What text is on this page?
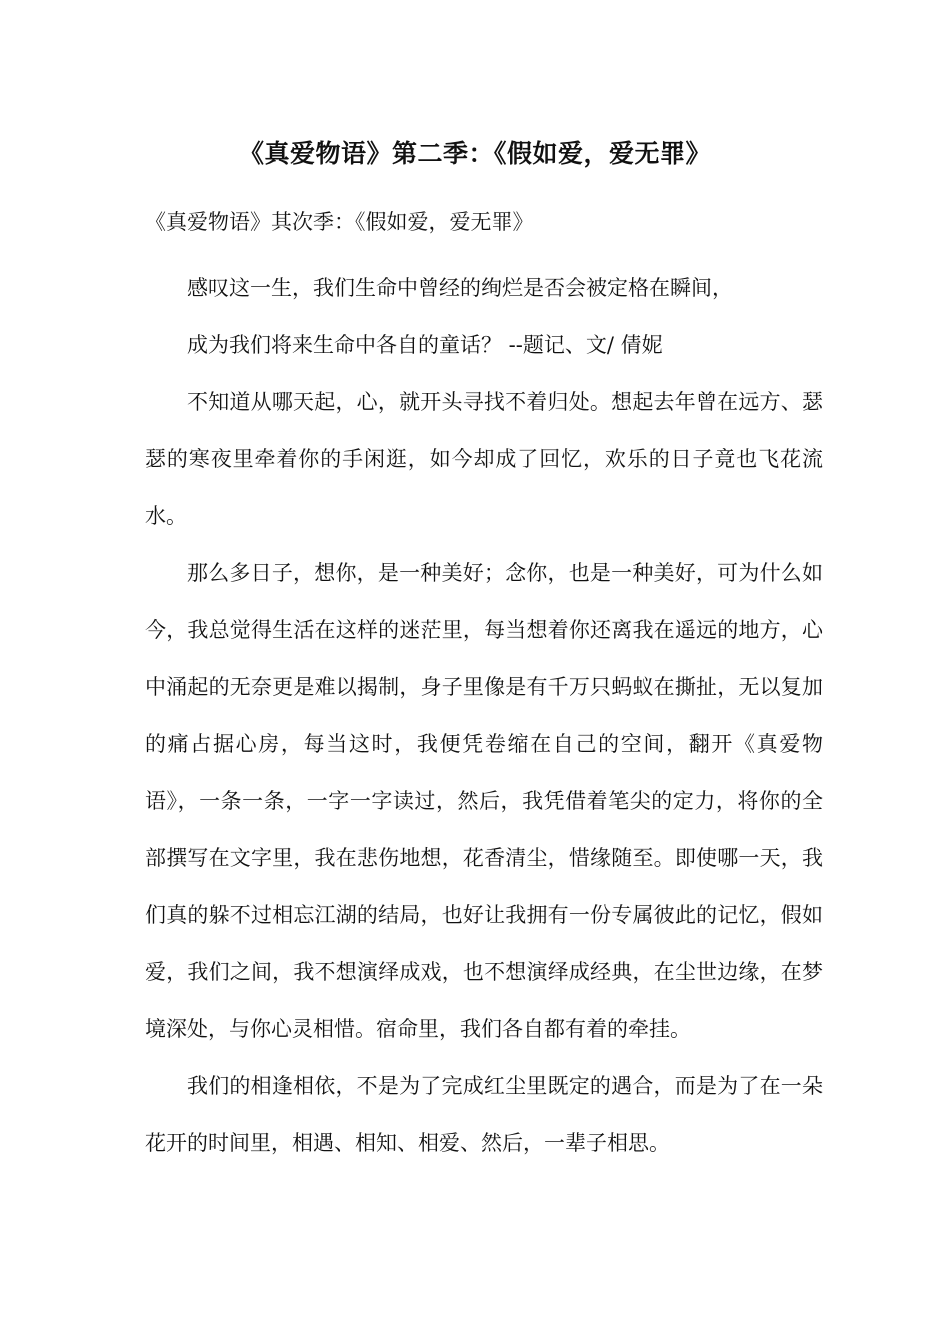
《真爱物语》第二季：《假如爱，爱无罪》
《真爱物语》其次季：《假如爱，爱无罪》

感叹这一生，我们生命中曾经的绚烂是否会被定格在瞬间，

成为我们将来生命中各自的童话？ --题记、文/ 倩妮

不知道从哪天起，心，就开头寻找不着归处。想起去年曾在远方、瑟瑟的寒夜里牵着你的手闲逛，如今却成了回忆，欢乐的日子竟也飞花流水。

那么多日子，想你，是一种美好；念你，也是一种美好，可为什么如今，我总觉得生活在这样的迷茫里，每当想着你还离我在遥远的地方，心中涌起的无奈更是难以揭制，身子里像是有千万只蚂蚁在撕扯，无以复加的痛占据心房，每当这时，我便凭卷缩在自己的空间，翻开《真爱物语》，一条一条，一字一字读过，然后，我凭借着笔尖的定力，将你的全部撰写在文字里，我在悲伤地想，花香清尘，惜缘随至。即使哪一天，我们真的躲不过相忘江湖的结局，也好让我拥有一份专属彼此的记忆，假如爱，我们之间，我不想演绎成戏，也不想演绎成经典，在尘世边缘，在梦境深处，与你心灵相惜。宿命里，我们各自都有着的牵挂。

我们的相逢相依，不是为了完成红尘里既定的遇合，而是为了在一朵花开的时间里，相遇、相知、相爱、然后，一辈子相思。
